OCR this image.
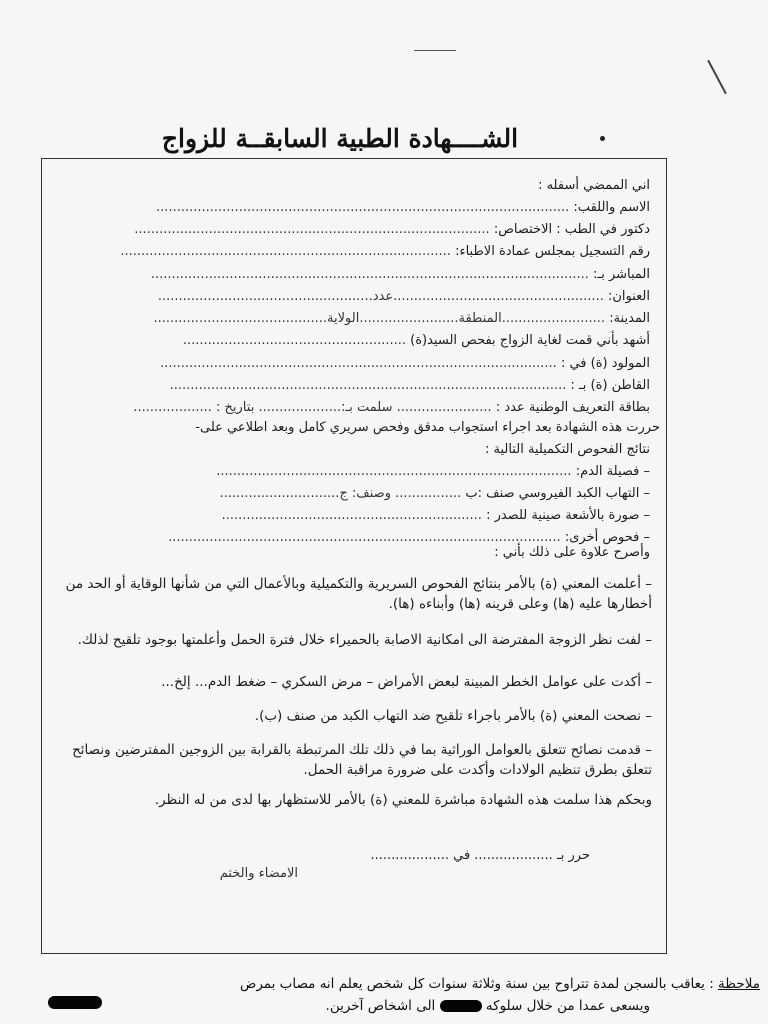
الشــــهادة الطبية السابقــة للزواج
اني الممضي أسفله :
الاسم واللقب: ....................................................................................................
دكتور في الطب : الاختصاص: ......................................................................................
رقم التسجيل بمجلس عمادة الاطباء: ................................................................................
المباشر بـ: ..........................................................................................................
العنوان: ...................................................عدد....................................................
المدينة: .........................المنطقة........................الولاية..........................................
أشهد بأني قمت لغاية الزواج بفحص السيد(ة) ......................................................
المولود (ة) في : ................................................................................................
القاطن (ة) بـ : ................................................................................................
بطاقة التعريف الوطنية عدد : ....................... سلمت بـ:.................... بتاريخ : ...................
حررت هذه الشهادة بعد اجراء استجواب مدقق وفحص سريري كامل وبعد اطلاعي على-
نتائج الفحوص التكميلية التالية :
– فصيلة الدم: ......................................................................................
– التهاب الكبد الفيروسي صنف :ب ................ وصنف: ج.............................
– صورة بالأشعة صينية للصدر : ...............................................................
– فحوص أخرى: ...............................................................................................
وأصرح علاوة على ذلك بأني :
– أعلمت المعني (ة) بالأمر بنتائج الفحوص السريرية والتكميلية وبالأعمال التي من شأنها الوقاية أو الحد من أخطارها عليه (ها) وعلى قرينه (ها) وأبناءه (ها).
– لفت نظر الزوجة المفترضة الى امكانية الاصابة بالحميراء خلال فترة الحمل وأعلمتها بوجود تلقيح لذلك.
– أكدت على عوامل الخطر المبينة لبعض الأمراض – مرض السكري – ضغط الدم... إلخ...
– نصحت المعني (ة) بالأمر باجراء تلقيح ضد التهاب الكبد من صنف (ب).
– قدمت نصائح تتعلق بالعوامل الوراثية بما في ذلك تلك المرتبطة بالقرابة بين الزوجين المفترضين ونصائح تتعلق بطرق تنظيم الولادات وأكدت على ضرورة مراقبة الحمل.
وبحكم هذا سلمت هذه الشهادة مباشرة للمعني (ة) بالأمر للاستظهار بها لدى من له النظر.
حرر بـ ................... في ...................
الامضاء والختم
ملاحظة : يعاقب بالسجن لمدة تتراوح بين سنة وثلاثة سنوات كل شخص يعلم انه مصاب بمرض
ويسعى عمدا من خلال سلوكه  الى اشخاص آخرين.
